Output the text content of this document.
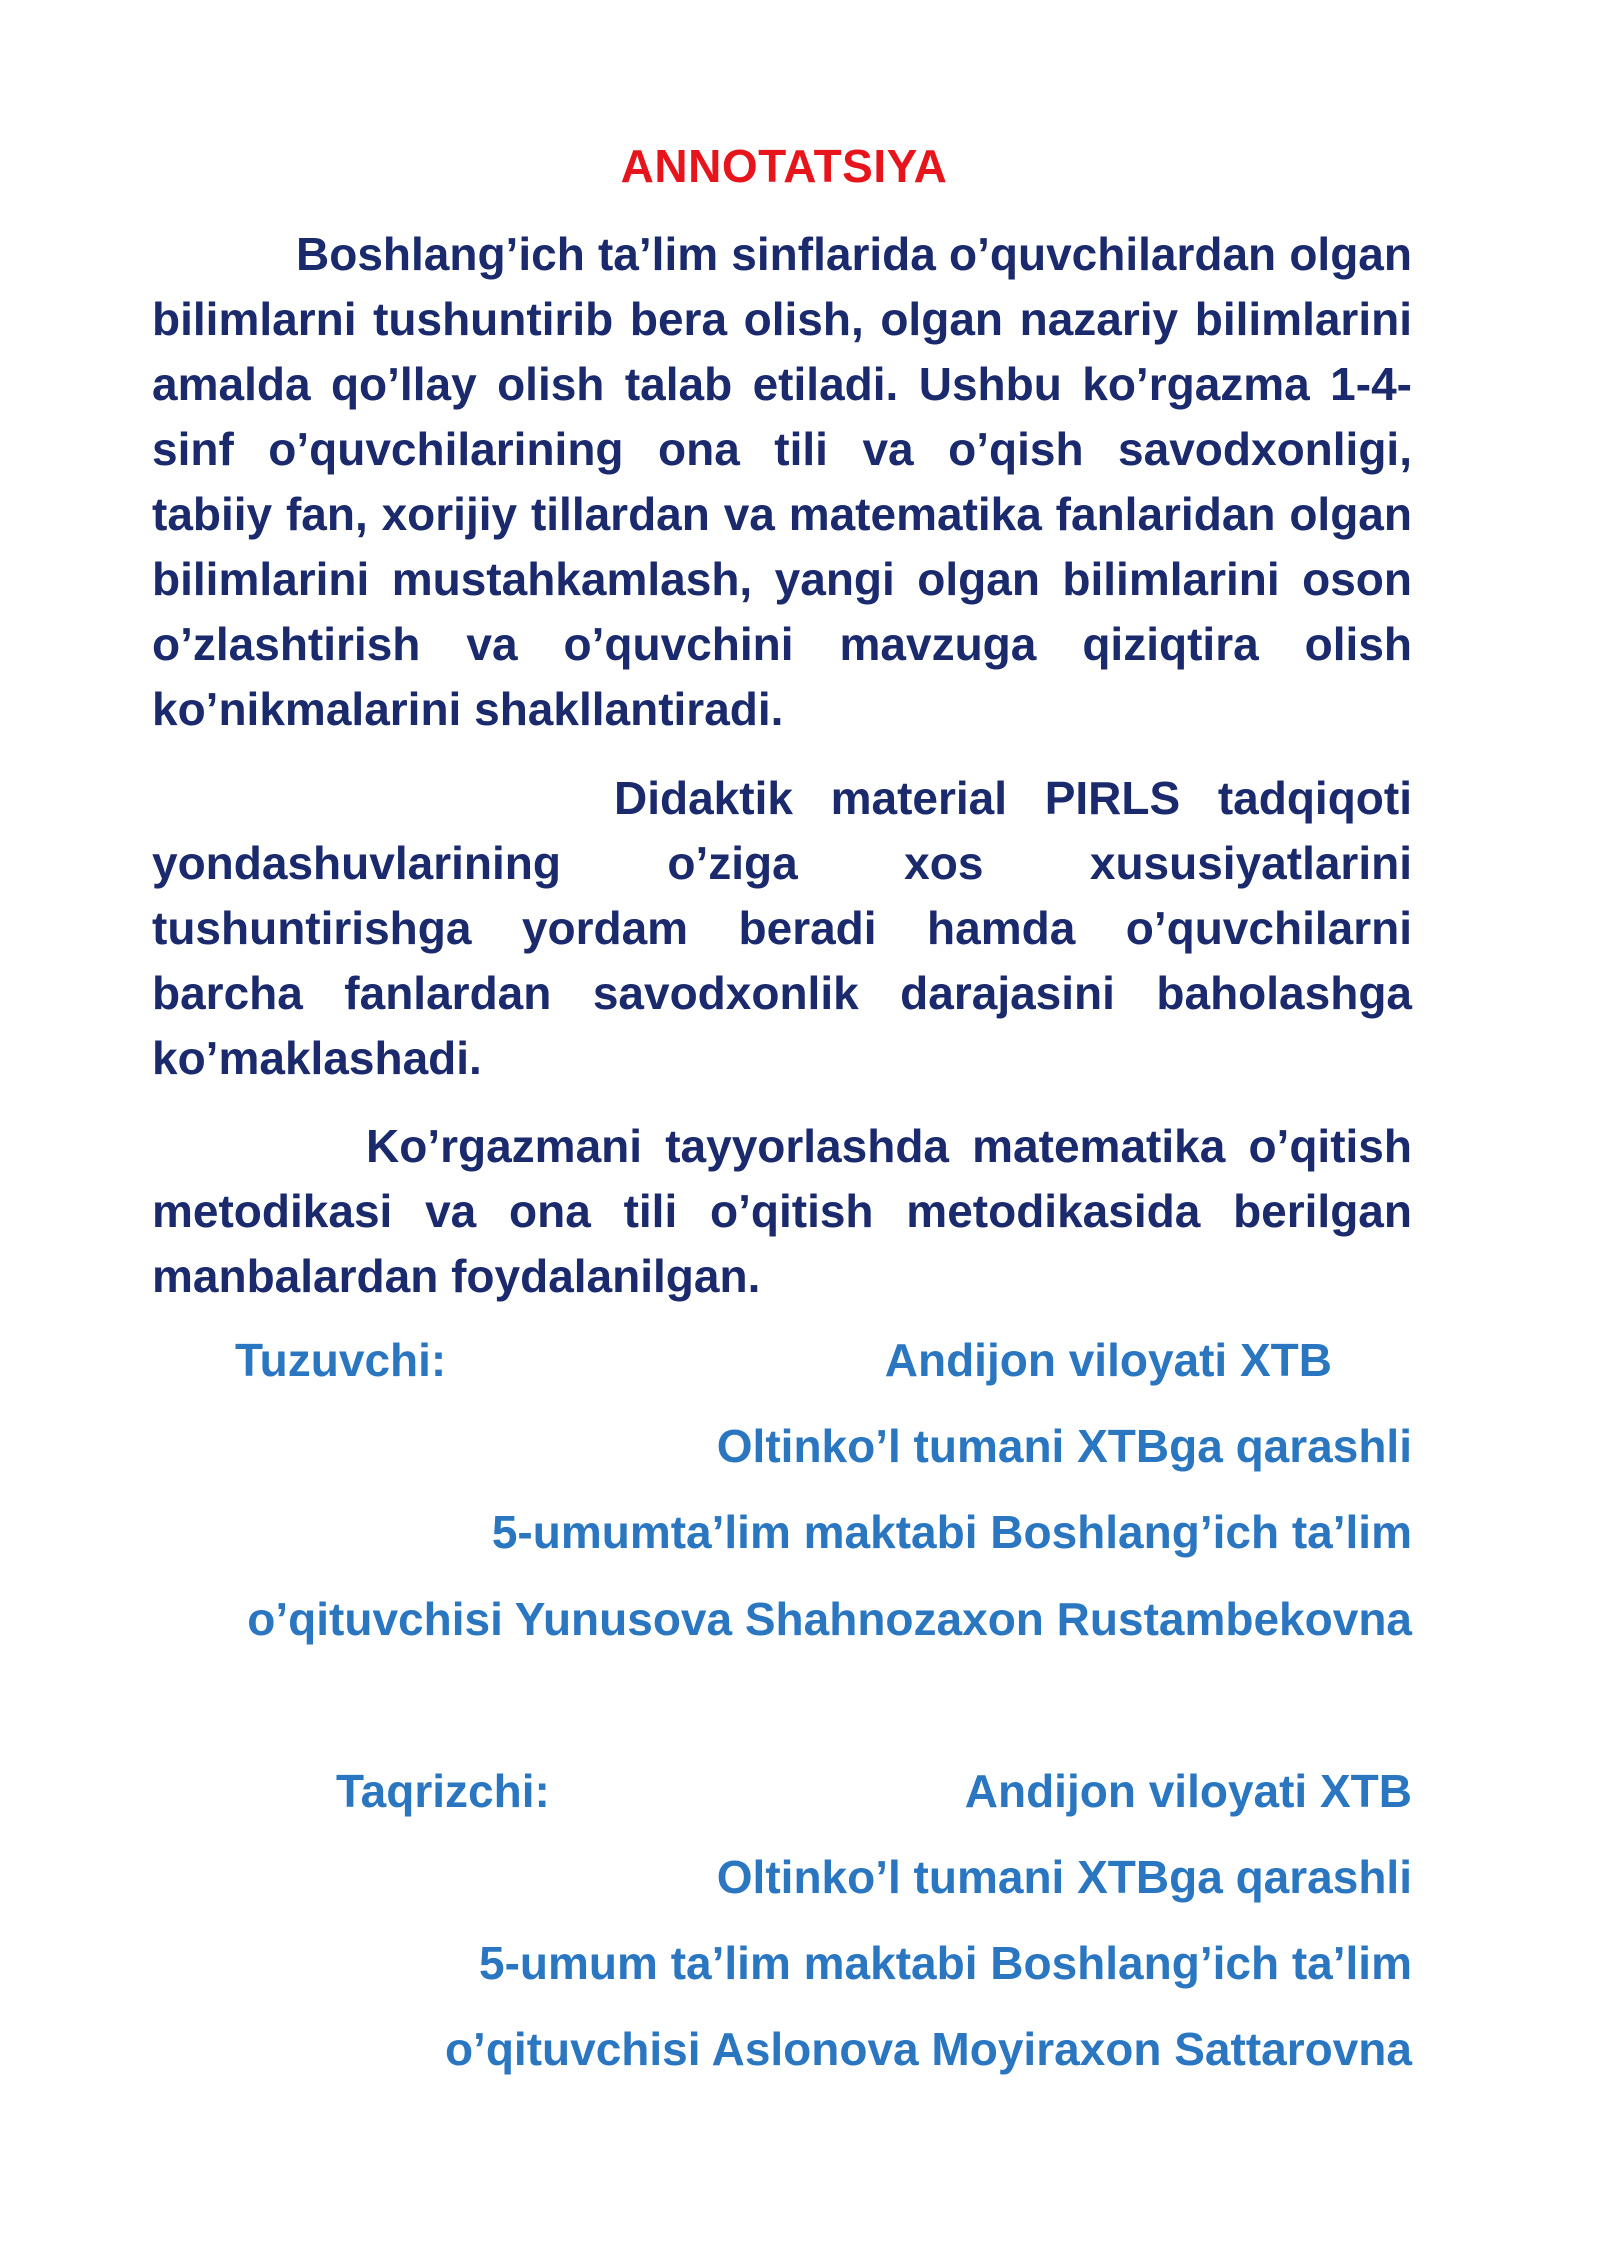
ANNOTATSIYA

Boshlang’ich ta’lim sinflarida o’quvchilardan olgan bilimlarni tushuntirib bera olish, olgan nazariy bilimlarini amalda qo’llay olish talab etiladi. Ushbu ko’rgazma 1-4-sinf o’quvchilarining ona tili va o’qish savodxonligi, tabiiy fan, xorijiy tillardan va matematika fanlaridan olgan bilimlarini mustahkamlash, yangi olgan bilimlarini oson o’zlashtirish va o’quvchini mavzuga qiziqtira olish ko’nikmalarini shakllantiradi.

Didaktik material PIRLS tadqiqoti yondashuvlarining o’ziga xos xususiyatlarini tushuntirishga yordam beradi hamda o’quvchilarni barcha fanlardan savodxonlik darajasini baholashga ko’maklashadi.

Ko’rgazmani tayyorlashda matematika o’qitish metodikasi va ona tili o’qitish metodikasida berilgan manbalardan foydalanilgan.

Tuzuvchi:	Andijon viloyati XTB
Oltinko’l tumani XTBga qarashli
5-umumta’lim maktabi Boshlang’ich ta’lim
o’qituvchisi Yunusova Shahnozaxon Rustambekovna
Taqrizchi:	Andijon viloyati XTB
Oltinko’l tumani XTBga qarashli
5-umum ta’lim maktabi Boshlang’ich ta’lim
o’qituvchisi Aslonova Moyiraxon Sattarovna
